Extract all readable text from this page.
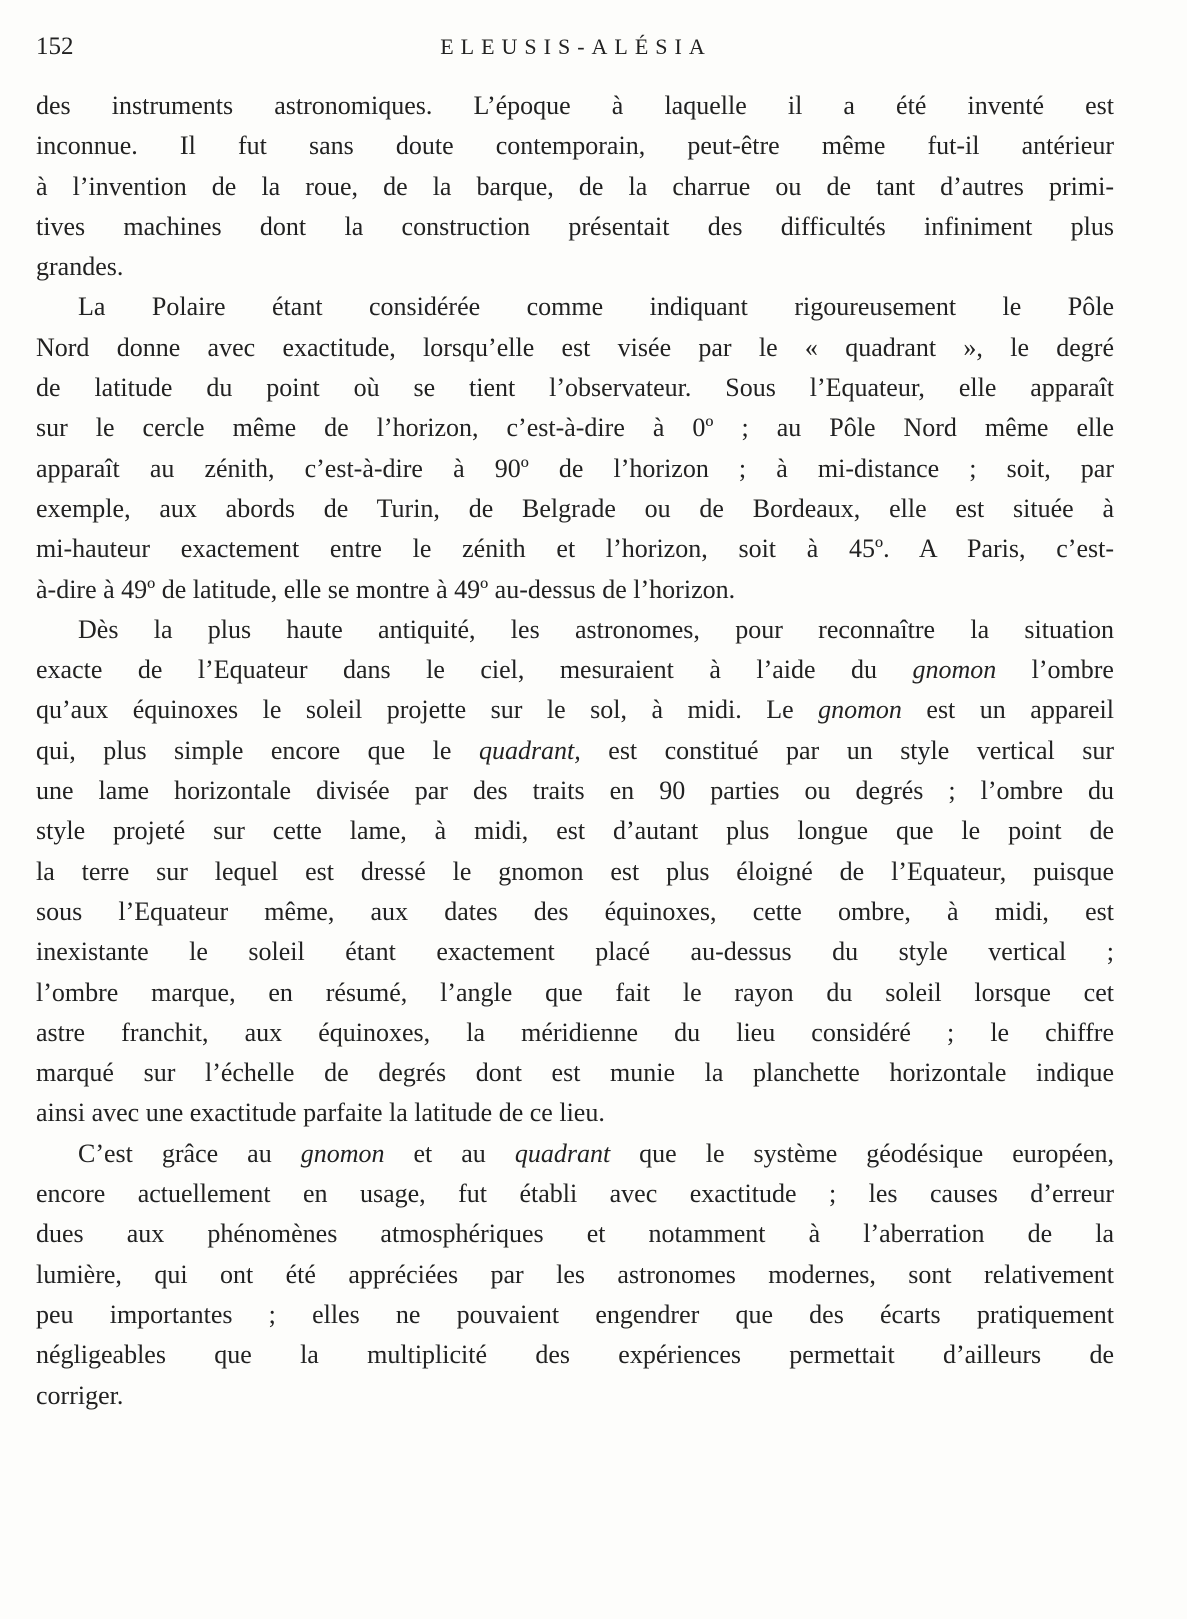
152	ELEUSIS-ALÉSIA
des instruments astronomiques. L’époque à laquelle il a été inventé est
inconnue. Il fut sans doute contemporain, peut-être même fut-il antérieur
à l’invention de la roue, de la barque, de la charrue ou de tant d’autres primi-
tives machines dont la construction présentait des difficultés infiniment plus
grandes.
La Polaire étant considérée comme indiquant rigoureusement le Pôle
Nord donne avec exactitude, lorsqu’elle est visée par le « quadrant », le degré
de latitude du point où se tient l’observateur. Sous l’Equateur, elle apparaît
sur le cercle même de l’horizon, c’est-à-dire à 0º ; au Pôle Nord même elle
apparaît au zénith, c’est-à-dire à 90º de l’horizon ; à mi-distance ; soit, par
exemple, aux abords de Turin, de Belgrade ou de Bordeaux, elle est située à
mi-hauteur exactement entre le zénith et l’horizon, soit à 45º. A Paris, c’est-
à-dire à 49º de latitude, elle se montre à 49º au-dessus de l’horizon.
Dès la plus haute antiquité, les astronomes, pour reconnaître la situation
exacte de l’Equateur dans le ciel, mesuraient à l’aide du gnomon l’ombre
qu’aux équinoxes le soleil projette sur le sol, à midi. Le gnomon est un appareil
qui, plus simple encore que le quadrant, est constitué par un style vertical sur
une lame horizontale divisée par des traits en 90 parties ou degrés ; l’ombre du
style projeté sur cette lame, à midi, est d’autant plus longue que le point de
la terre sur lequel est dressé le gnomon est plus éloigné de l’Equateur, puisque
sous l’Equateur même, aux dates des équinoxes, cette ombre, à midi, est
inexistante le soleil étant exactement placé au-dessus du style vertical ;
l’ombre marque, en résumé, l’angle que fait le rayon du soleil lorsque cet
astre franchit, aux équinoxes, la méridienne du lieu considéré ; le chiffre
marqué sur l’échelle de degrés dont est munie la planchette horizontale indique
ainsi avec une exactitude parfaite la latitude de ce lieu.
C’est grâce au gnomon et au quadrant que le système géodésique européen,
encore actuellement en usage, fut établi avec exactitude ; les causes d’erreur
dues aux phénomènes atmosphériques et notamment à l’aberration de la
lumière, qui ont été appréciées par les astronomes modernes, sont relativement
peu importantes ; elles ne pouvaient engendrer que des écarts pratiquement
négligeables que la multiplicité des expériences permettait d’ailleurs de
corriger.
